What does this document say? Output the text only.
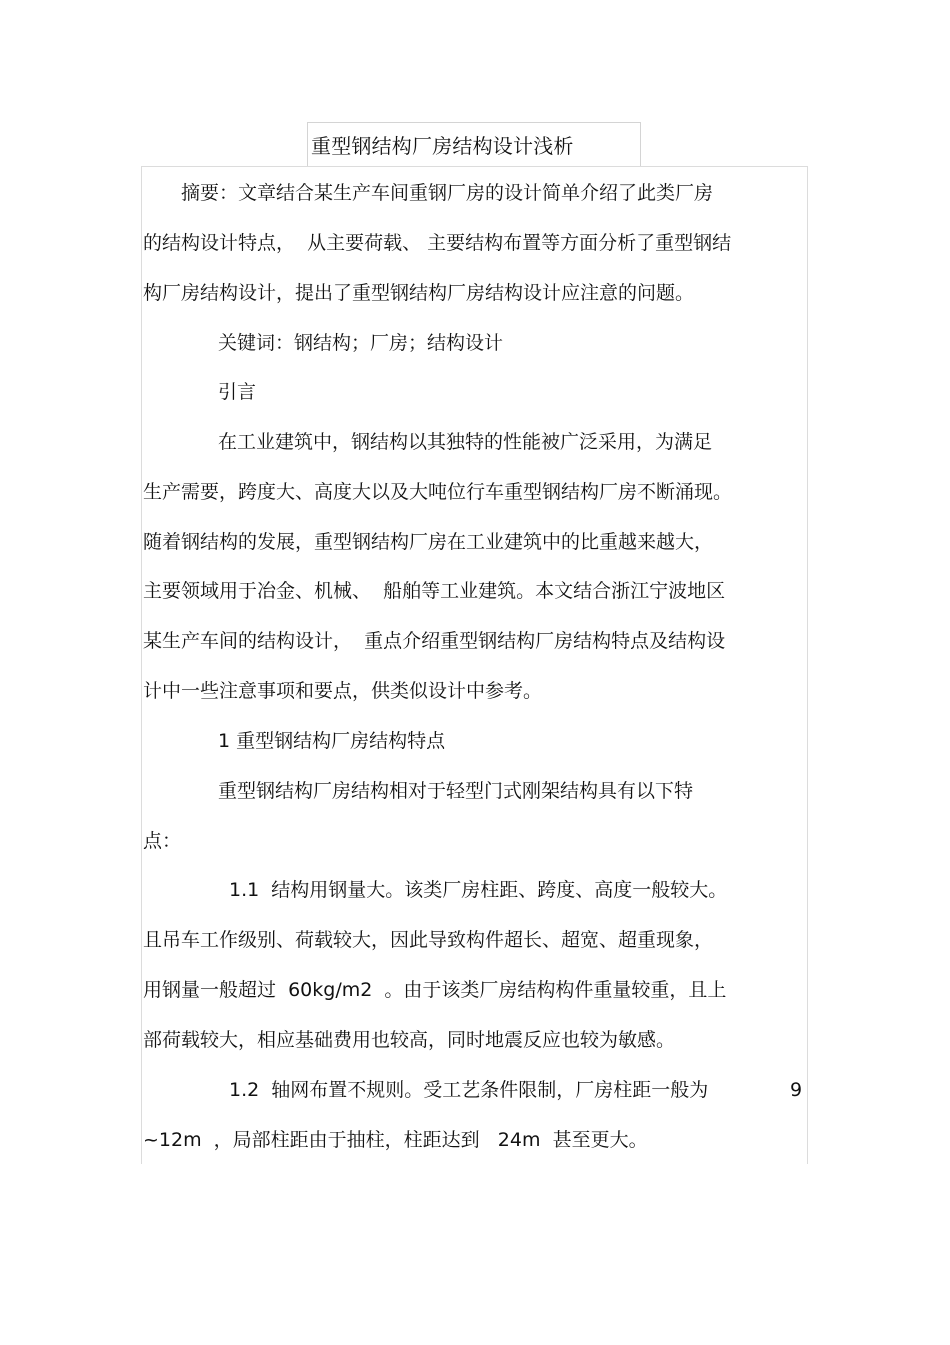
重型钢结构厂房结构设计浅析
摘要：文章结合某生产车间重钢厂房的设计简单介绍了此类厂房
的结构设计特点，  从主要荷载、 主要结构布置等方面分析了重型钢结
构厂房结构设计，提出了重型钢结构厂房结构设计应注意的问题。
关键词：钢结构；厂房；结构设计
引言
在工业建筑中，钢结构以其独特的性能被广泛采用，为满足
生产需要，跨度大、高度大以及大吨位行车重型钢结构厂房不断涌现。
随着钢结构的发展，重型钢结构厂房在工业建筑中的比重越来越大，
主要领域用于冶金、机械、  船舶等工业建筑。本文结合浙江宁波地区
某生产车间的结构设计，  重点介绍重型钢结构厂房结构特点及结构设
计中一些注意事项和要点，供类似设计中参考。
1 重型钢结构厂房结构特点
重型钢结构厂房结构相对于轻型门式刚架结构具有以下特
点：
1.1  结构用钢量大。该类厂房柱距、跨度、高度一般较大。
且吊车工作级别、荷载较大，因此导致构件超长、超宽、超重现象，
用钢量一般超过  60kg/m2  。由于该类厂房结构构件重量较重，且上
部荷载较大，相应基础费用也较高，同时地震反应也较为敏感。
1.2  轴网布置不规则。受工艺条件限制，厂房柱距一般为	9
~12m  ，局部柱距由于抽柱，柱距达到   24m  甚至更大。
